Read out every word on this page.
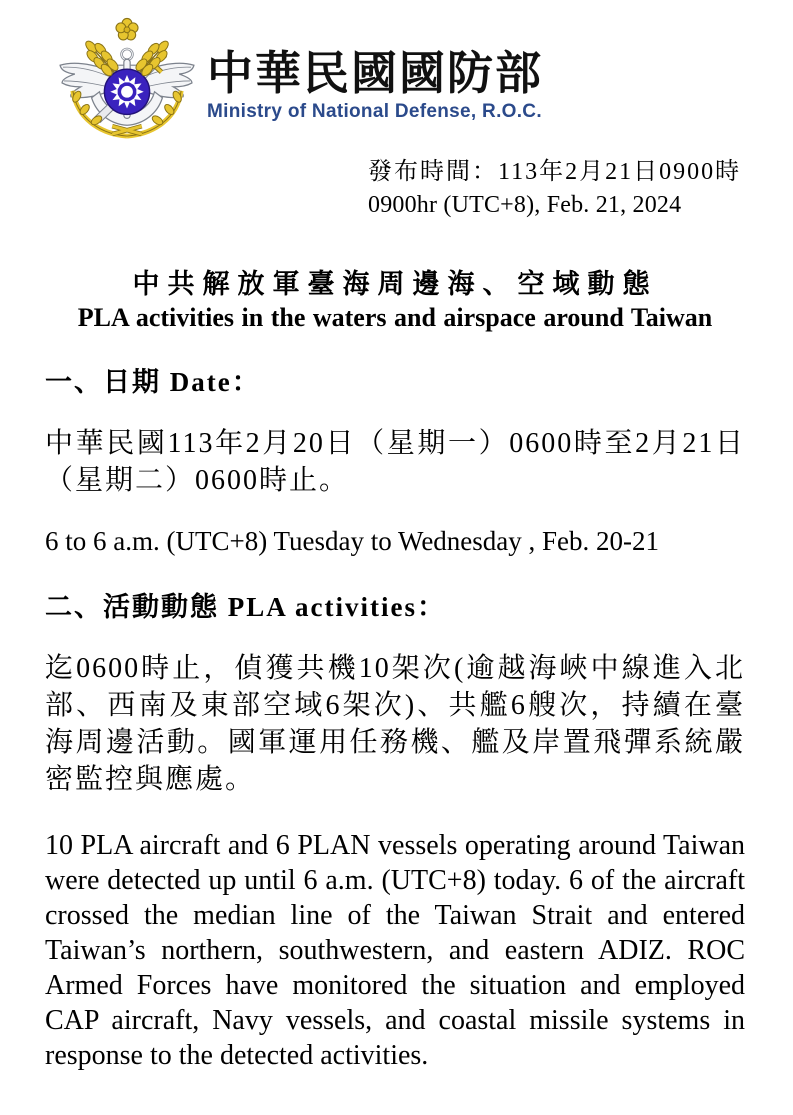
中華民國國防部
Ministry of National Defense, R.O.C.
發布時間：113年2月21日0900時
0900hr (UTC+8), Feb. 21, 2024
中共解放軍臺海周邊海、空域動態
PLA activities in the waters and airspace around Taiwan
一、日期 Date：

中華民國113年2月20日（星期一）0600時至2月21日（星期二）0600時止。

6 to 6 a.m. (UTC+8) Tuesday to Wednesday , Feb. 20-21

二、活動動態 PLA activities：

迄0600時止，偵獲共機10架次(逾越海峽中線進入北部、西南及東部空域6架次)、共艦6艘次，持續在臺海周邊活動。國軍運用任務機、艦及岸置飛彈系統嚴密監控與應處。

10 PLA aircraft and 6 PLAN vessels operating around Taiwan were detected up until 6 a.m. (UTC+8) today. 6 of the aircraft crossed the median line of the Taiwan Strait and entered Taiwan’s northern, southwestern, and eastern ADIZ. ROC Armed Forces have monitored the situation and employed CAP aircraft, Navy vessels, and coastal missile systems in response to the detected activities.
